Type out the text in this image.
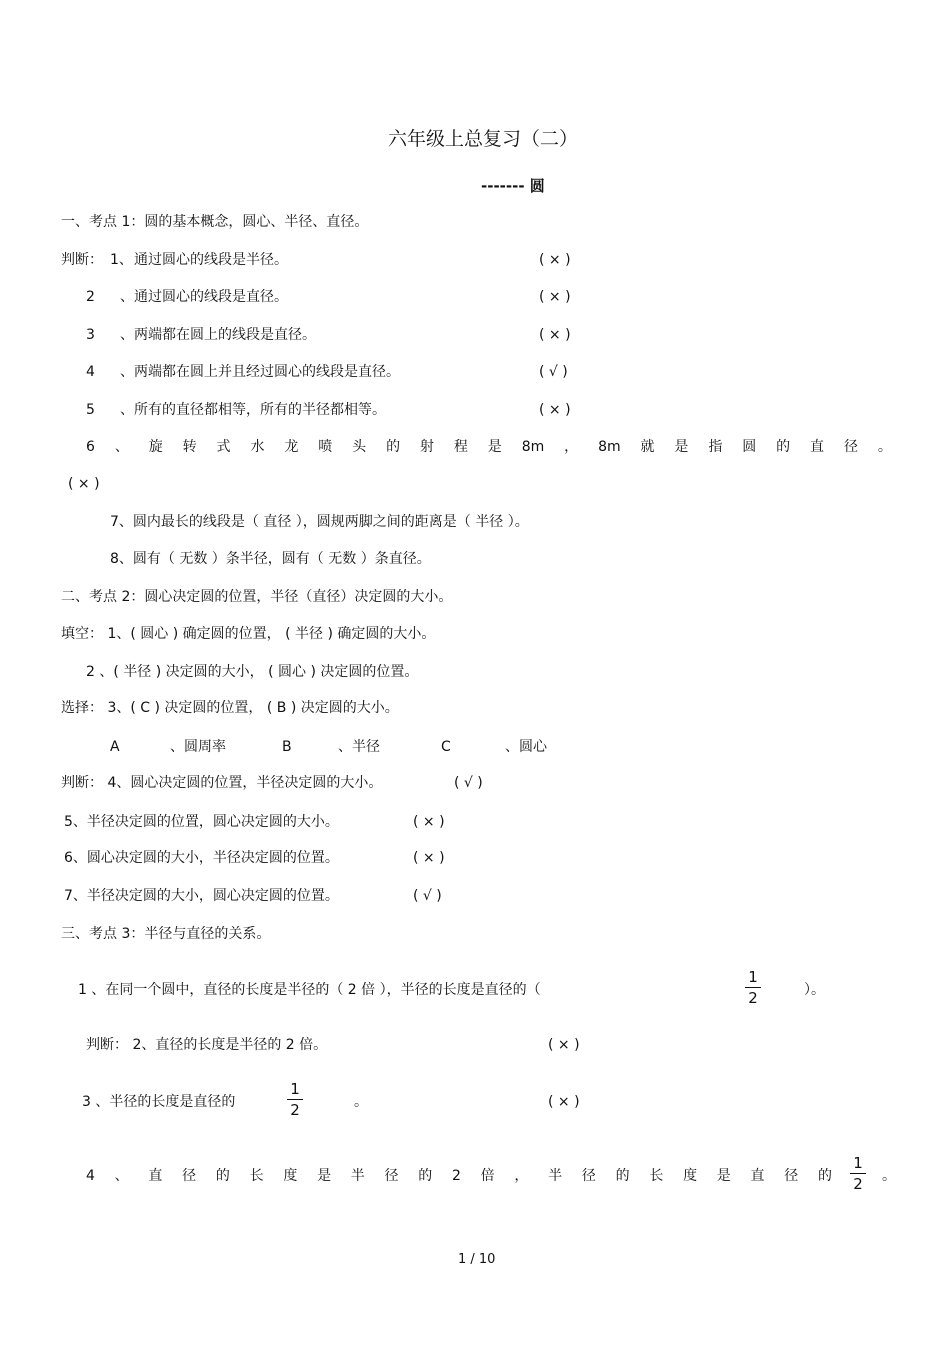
六年级上总复习（二）
------- 圆
一、考点 1：圆的基本概念，圆心、半径、直径。
判断： 1、 通过圆心的线段是半径。	( × )
2 、通过圆心的线段是直径。	( × )
3 、两端都在圆上的线段是直径。	( × )
4 、两端都在圆上并且经过圆心的线段是直径。	( √ )
5 、所有的直径都相等，所有的半径都相等。	( × )
6 、 旋 转 式 水 龙 喷 头 的 射 程 是 8m ， 8m 就 是 指 圆 的 直 径 。
( × )
7、圆内最长的线段是（ 直径 ），圆规两脚之间的距离是（ 半径 ）。
8、圆有（ 无数 ）条半径，圆有（ 无数 ）条直径。
二、考点 2：圆心决定圆的位置，半径（直径）决定圆的大小。
填空： 1、( 圆心 ) 确定圆的位置， ( 半径 ) 确定圆的大小。
2 、( 半径 ) 决定圆的大小， ( 圆心 ) 决定圆的位置。
选择： 3、( C ) 决定圆的位置， ( B ) 决定圆的大小。
A	、圆周率	B	、半径	C	、圆心
判断： 4、圆心决定圆的位置，半径决定圆的大小。	( √ )
5、半径决定圆的位置，圆心决定圆的大小。	( × )
6、圆心决定圆的大小，半径决定圆的位置。	( × )
7、半径决定圆的大小，圆心决定圆的位置。	( √ )
三、考点 3：半径与直径的关系。
1 、在同一个圆中，直径的长度是半径的（ 2 倍 ），半径的长度是直径的（
1
2	）。
判断： 2、直径的长度是半径的 2 倍。	( × )
3 、半径的长度是直径的
1
2	。	( × )
4 、 直 径 的 长 度 是 半 径 的 2 倍 ， 半 径 的 长 度 是 直 径 的
1
2 。
1 / 10
